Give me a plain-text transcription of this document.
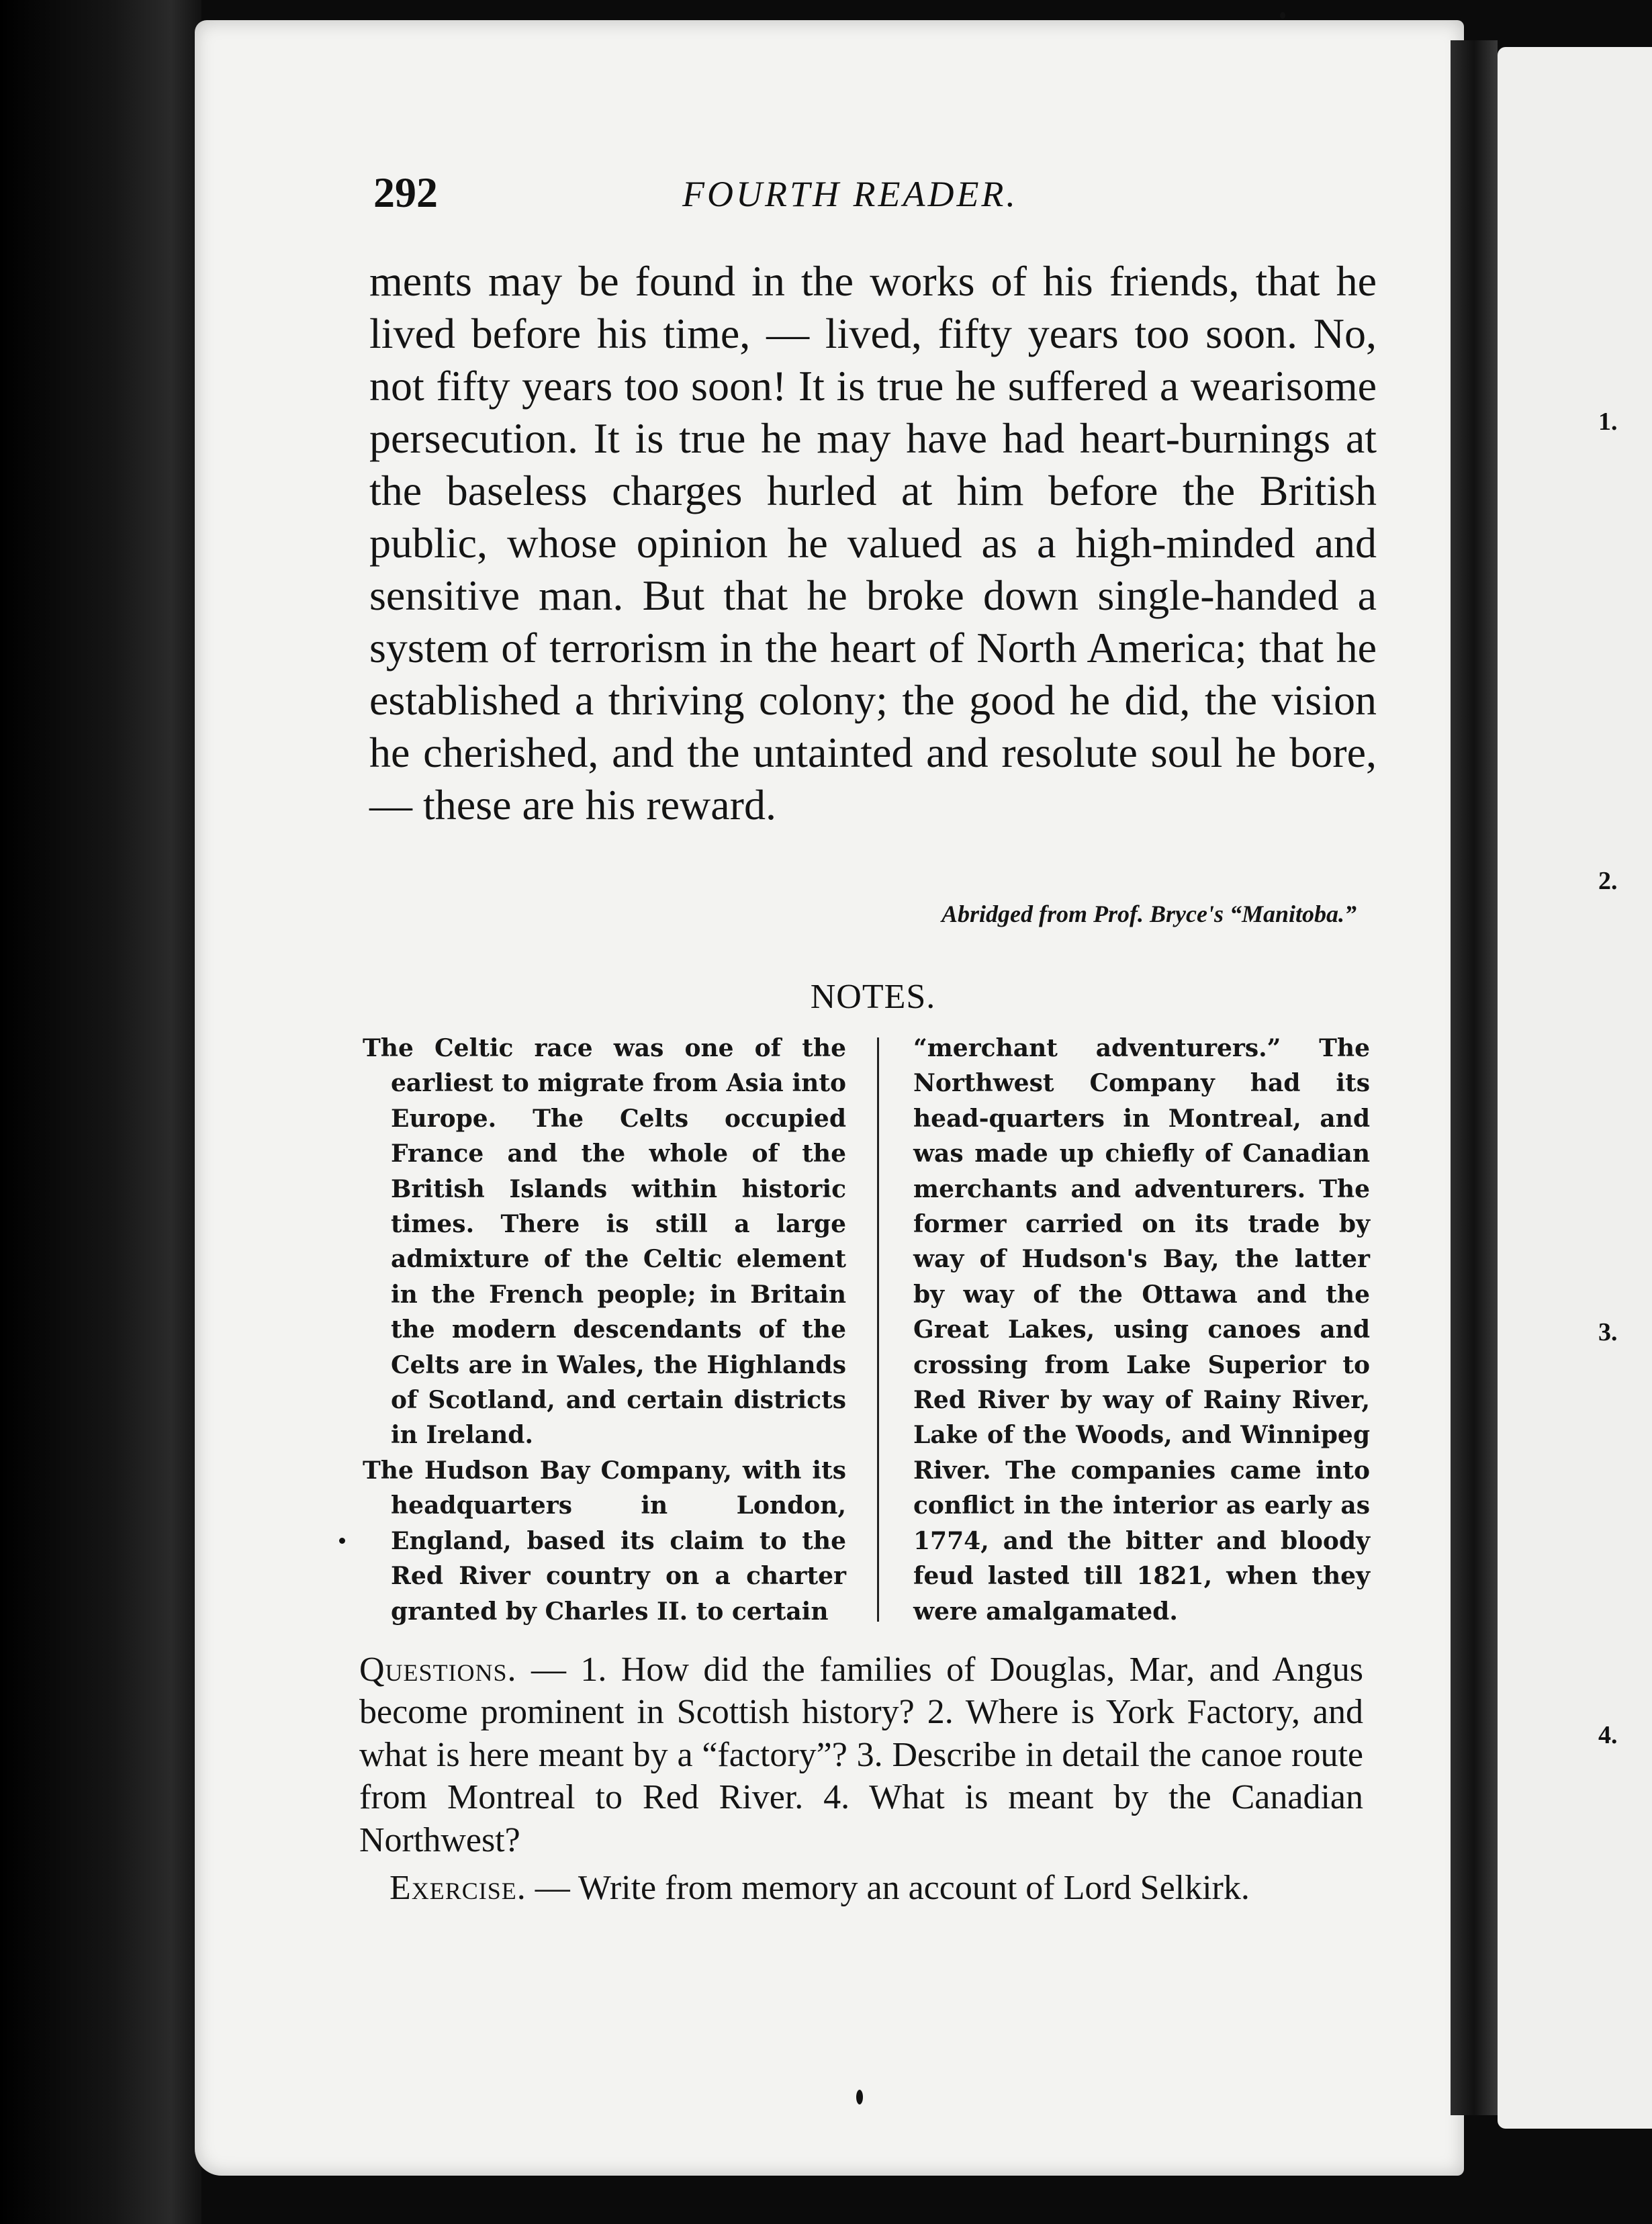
1.
2.
3.
4.
292	FOURTH READER.

ments may be found in the works of his friends, that he lived before his time, — lived, fifty years too soon. No, not fifty years too soon! It is true he suffered a wearisome persecution. It is true he may have had heart-burnings at the baseless charges hurled at him before the British public, whose opinion he valued as a high-minded and sensitive man. But that he broke down single-handed a system of terrorism in the heart of North America; that he established a thriving colony; the good he did, the vision he cherished, and the untainted and resolute soul he bore, — these are his reward.

Abridged from Prof. Bryce's “Manitoba.”
NOTES.

The Celtic race was one of the earliest to migrate from Asia into Europe. The Celts occupied France and the whole of the British Islands within historic times. There is still a large admixture of the Celtic element in the French people; in Britain the modern descendants of the Celts are in Wales, the Highlands of Scotland, and certain districts in Ireland.

The Hudson Bay Company, with its headquarters in London, England, based its claim to the Red River country on a charter granted by Charles II. to certain

“merchant adventurers.” The Northwest Company had its head-quarters in Montreal, and was made up chiefly of Canadian merchants and adventurers. The former carried on its trade by way of Hudson's Bay, the latter by way of the Ottawa and the Great Lakes, using canoes and crossing from Lake Superior to Red River by way of Rainy River, Lake of the Woods, and Winnipeg River. The companies came into conflict in the interior as early as 1774, and the bitter and bloody feud lasted till 1821, when they were amalgamated.

Questions. — 1. How did the families of Douglas, Mar, and Angus become prominent in Scottish history? 2. Where is York Factory, and what is here meant by a “factory”? 3. Describe in detail the canoe route from Montreal to Red River. 4. What is meant by the Canadian Northwest?

Exercise. — Write from memory an account of Lord Selkirk.
